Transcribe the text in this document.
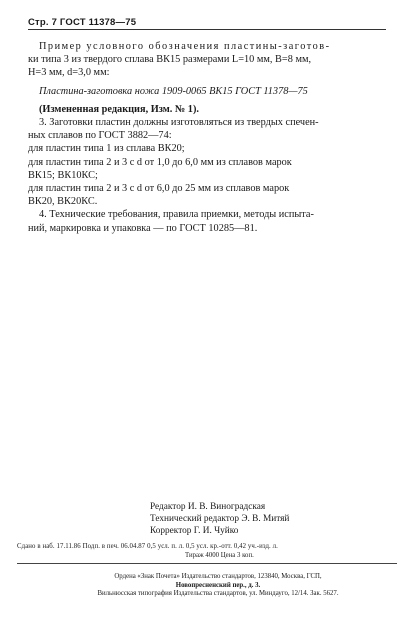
Стр. 7 ГОСТ 11378—75

Пример условного обозначения пластины-заготов-

ки типа 3 из твердого сплава ВК15 размерами L=10 мм, B=8 мм,

H=3 мм, d=3,0 мм:

Пластина-заготовка ножа 1909-0065 ВК15 ГОСТ 11378—75

(Измененная редакция, Изм. № 1).

3. Заготовки пластин должны изготовляться из твердых спечен-

ных сплавов по ГОСТ 3882—74:

для пластин типа 1 из сплава ВК20;

для пластин типа 2 и 3 с d от 1,0 до 6,0 мм из сплавов марок

ВК15; ВК10КС;

для пластин типа 2 и 3 с d от 6,0 до 25 мм из сплавов марок

ВК20, ВК20КС.

4. Технические требования, правила приемки, методы испыта-

ний, маркировка и упаковка — по ГОСТ 10285—81.

Редактор И. В. Виноградская
Технический редактор Э. В. Митяй
Корректор Г. И. Чуйко
Сдано в наб. 17.11.86 Подп. в печ. 06.04.87 0,5 усл. п. л. 0,5 усл. кр.-отт. 0,42 уч.-изд. л.
Тираж 4000 Цена 3 коп.
Ордена «Знак Почета» Издательство стандартов, 123840, Москва, ГСП,
Новопресненский пер., д. 3.
Вильнюсская типография Издательства стандартов, ул. Миндауго, 12/14. Зак. 5627.
